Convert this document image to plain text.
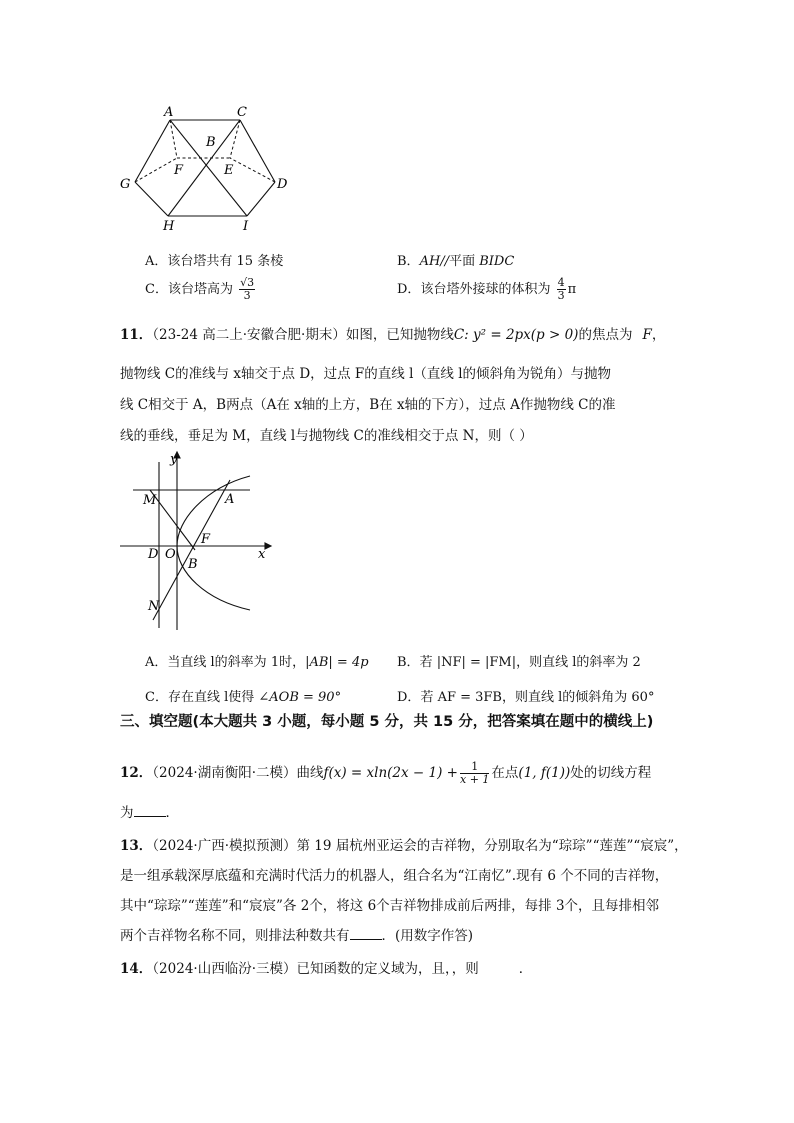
A	C
B
F	E
G	D
H	I
A．该台塔共有 15 条棱	B．AH//平面 BIDC
C．该台塔高为 $\frac{√3}{3}$	D．该台塔外接球的体积为 $\frac{4}{3}$ π
11．（23-24 高二上·安徽合肥·期末）如图，已知抛物线C: y² = 2px(p > 0)的焦点为 F，
抛物线 C的准线与 x轴交于点 D，过点 F的直线 l（直线 l的倾斜角为锐角）与抛物
线 C相交于 A，B两点（A在 x轴的上方，B在 x轴的下方），过点 A作抛物线 C的准
线的垂线，垂足为 M，直线 l与抛物线 C的准线相交于点 N，则（ ）
y
x
M	A
F
D O
B
N
A．当直线 l的斜率为 1时，|AB| = 4p B．若 |NF| = |FM|，则直线 l的斜率为 2
C．存在直线 l使得 ∠AOB = 90°	D．若 AF = 3FB，则直线 l的倾斜角为 60°
三、填空题(本大题共 3 小题，每小题 5 分，共 15 分，把答案填在题中的横线上)
12．（2024·湖南衡阳·二模）曲线$f(x) = xln(2x - 1) + \frac{1}{x + 1}$ 在点(1, f(1))处的切线方程
为 ．
13．（2024·广西·模拟预测）第 19 届杭州亚运会的吉祥物，分别取名为“琮琮”“莲莲”“宸宸”，
是一组承载深厚底蕴和充满时代活力的机器人，组合名为“江南忆”.现有 6 个不同的吉祥物，
其中“琮琮”“莲莲”和“宸宸”各 2个，将这 6个吉祥物排成前后两排，每排 3个，且每排相邻
两个吉祥物名称不同，则排法种数共有 ．(用数字作答)
14．（2024·山西临汾·三模）已知函数的定义域为，且，，则	．
